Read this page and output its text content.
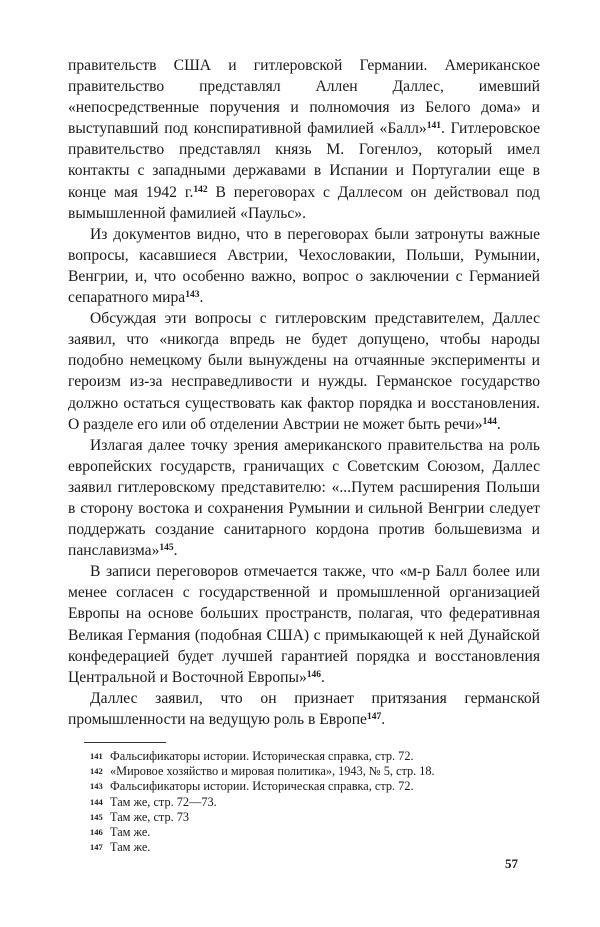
правительств США и гитлеровской Германии. Американское правительство представлял Аллен Даллес, имевший «непосредственные поручения и полномочия из Белого дома» и выступавший под конспиративной фамилией «Балл»$^{141}$. Гитлеровское правительство представлял князь М. Гогенлоэ, который имел контакты с западными державами в Испании и Португалии еще в конце мая 1942 г.$^{142}$ В переговорах с Даллесом он действовал под вымышленной фамилией «Паульс».

Из документов видно, что в переговорах были затронуты важные вопросы, касавшиеся Австрии, Чехословакии, Польши, Румынии, Венгрии, и, что особенно важно, вопрос о заключении с Германией сепаратного мира$^{143}$.

Обсуждая эти вопросы с гитлеровским представителем, Даллес заявил, что «никогда впредь не будет допущено, чтобы народы подобно немецкому были вынуждены на отчаянные эксперименты и героизм из-за несправедливости и нужды. Германское государство должно остаться существовать как фактор порядка и восстановления. О разделе его или об отделении Австрии не может быть речи»$^{144}$.

Излагая далее точку зрения американского правительства на роль европейских государств, граничащих с Советским Союзом, Даллес заявил гитлеровскому представителю: «...Путем расширения Польши в сторону востока и сохранения Румынии и сильной Венгрии следует поддержать создание санитарного кордона против большевизма и панславизма»$^{145}$.

В записи переговоров отмечается также, что «м-р Балл более или менее согласен с государственной и промышленной организацией Европы на основе больших пространств, полагая, что федеративная Великая Германия (подобная США) с примыкающей к ней Дунайской конфедерацией будет лучшей гарантией порядка и восстановления Центральной и Восточной Европы»$^{146}$.

Даллес заявил, что он признает притязания германской промышленности на ведущую роль в Европе$^{147}$.

141 Фальсификаторы истории. Историческая справка, стр. 72.
142 «Мировое хозяйство и мировая политика», 1943, № 5, стр. 18.
143 Фальсификаторы истории. Историческая справка, стр. 72.
144 Там же, стр. 72—73.
145 Там же, стр. 73
146 Там же.
147 Там же.
57
